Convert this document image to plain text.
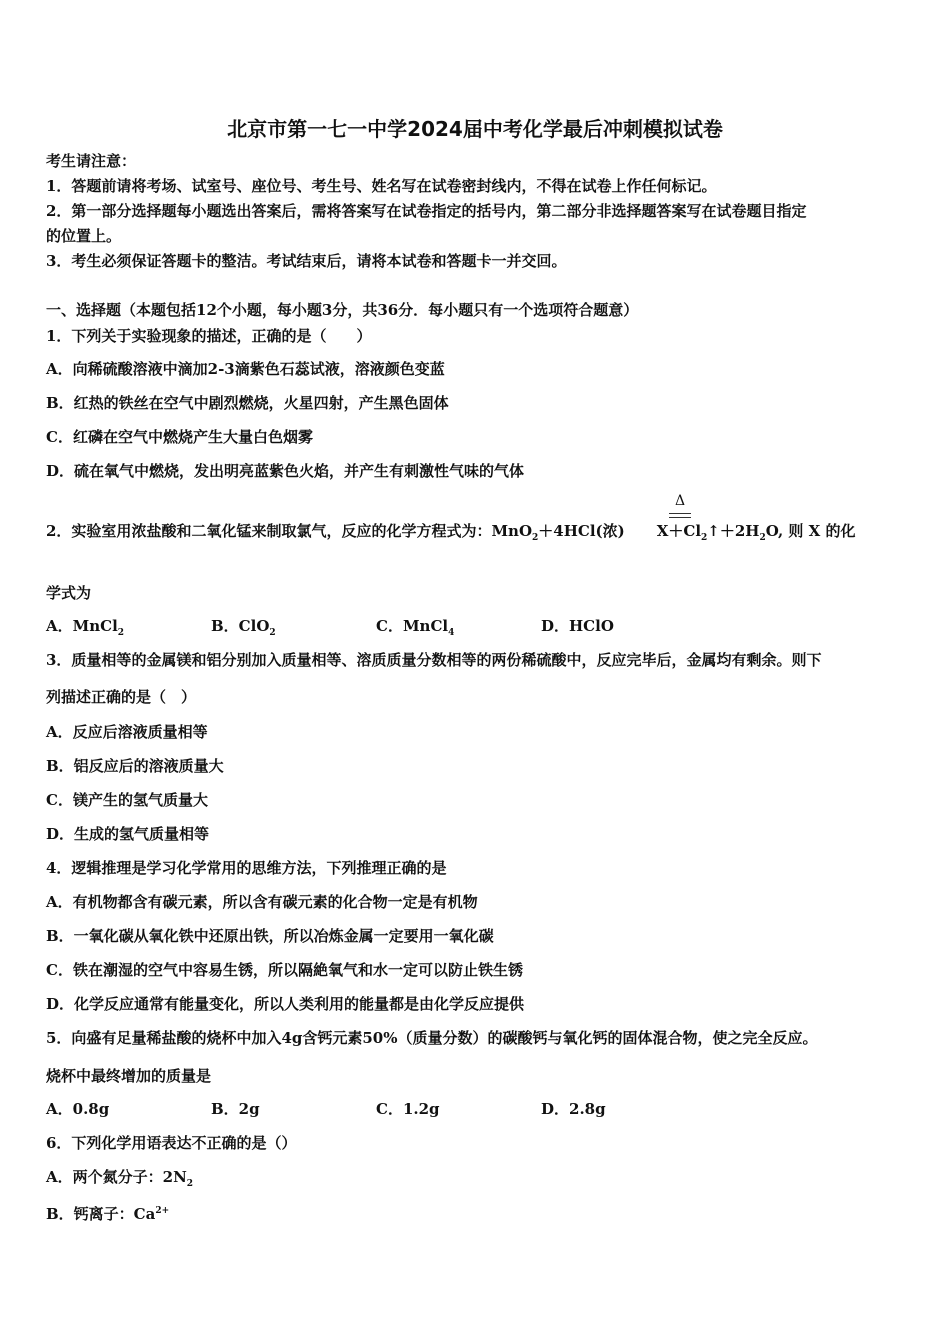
北京市第一七一中学2024届中考化学最后冲刺模拟试卷
考生请注意：
1．答题前请将考场、试室号、座位号、考生号、姓名写在试卷密封线内，不得在试卷上作任何标记。
2．第一部分选择题每小题选出答案后，需将答案写在试卷指定的括号内，第二部分非选择题答案写在试卷题目指定
的位置上。
3．考生必须保证答题卡的整洁。考试结束后，请将本试卷和答题卡一并交回。
一、选择题（本题包括12个小题，每小题3分，共36分．每小题只有一个选项符合题意）
1．下列关于实验现象的描述，正确的是（　　）
A．向稀硫酸溶液中滴加2-3滴紫色石蕊试液，溶液颜色变蓝
B．红热的铁丝在空气中剧烈燃烧，火星四射，产生黑色固体
C．红磷在空气中燃烧产生大量白色烟雾
D．硫在氧气中燃烧，发出明亮蓝紫色火焰，并产生有刺激性气味的气体
Δ
2．实验室用浓盐酸和二氧化锰来制取氯气，反应的化学方程式为：MnO$_2$＋4HCl(浓) $X+Cl_2↑+2H_2O$, 则 X 的化
学式为
A．MnCl$_2$	B．ClO$_2$	C．MnCl$_4$	D．HClO
3．质量相等的金属镁和铝分别加入质量相等、溶质质量分数相等的两份稀硫酸中，反应完毕后，金属均有剩余。则下
列描述正确的是（　）
A．反应后溶液质量相等
B．铝反应后的溶液质量大
C．镁产生的氢气质量大
D．生成的氢气质量相等
4．逻辑推理是学习化学常用的思维方法，下列推理正确的是
A．有机物都含有碳元素，所以含有碳元素的化合物一定是有机物
B．一氧化碳从氧化铁中还原出铁，所以冶炼金属一定要用一氧化碳
C．铁在潮湿的空气中容易生锈，所以隔絶氧气和水一定可以防止铁生锈
D．化学反应通常有能量变化，所以人类利用的能量都是由化学反应提供
5．向盛有足量稀盐酸的烧杯中加入4g含钙元素50%（质量分数）的碳酸钙与氧化钙的固体混合物，使之完全反应。
烧杯中最终增加的质量是
A．0.8g	B．2g	C．1.2g	D．2.8g
6．下列化学用语表达不正确的是（）
A．两个氮分子：$2N_2$
B．钙离子：$Ca^{2+}$
